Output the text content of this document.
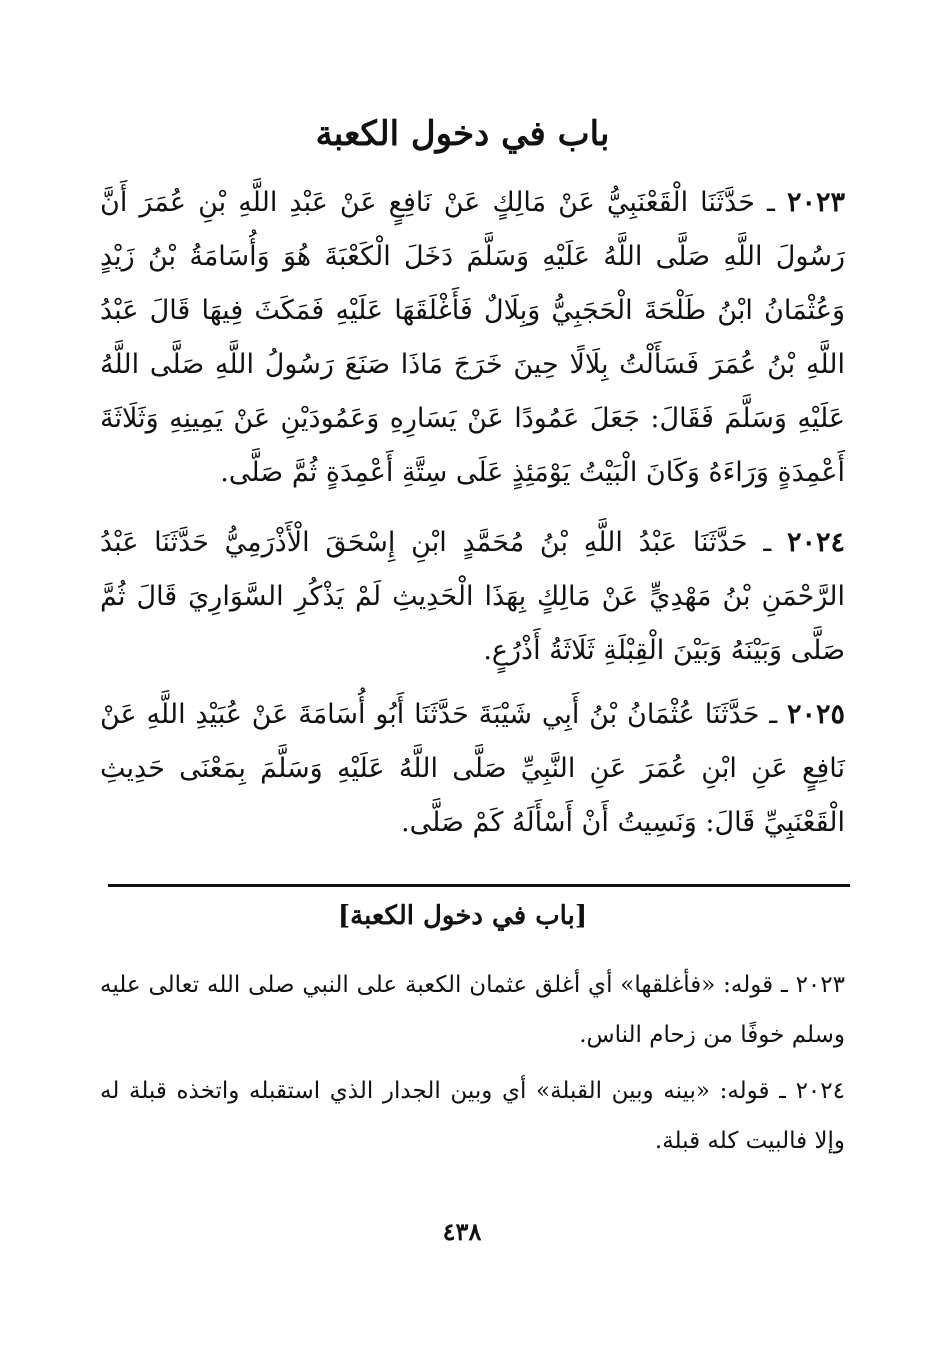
باب في دخول الكعبة

٢٠٢٣ ـ حَدَّثَنَا الْقَعْنَبِيُّ عَنْ مَالِكٍ عَنْ نَافِعٍ عَنْ عَبْدِ اللَّهِ بْنِ عُمَرَ أَنَّ رَسُولَ اللَّهِ صَلَّى اللَّهُ عَلَيْهِ وَسَلَّمَ دَخَلَ الْكَعْبَةَ هُوَ وَأُسَامَةُ بْنُ زَيْدٍ وَعُثْمَانُ ابْنُ طَلْحَةَ الْحَجَبِيُّ وَبِلَالٌ فَأَغْلَقَهَا عَلَيْهِ فَمَكَثَ فِيهَا قَالَ عَبْدُ اللَّهِ بْنُ عُمَرَ فَسَأَلْتُ بِلَالًا حِينَ خَرَجَ مَاذَا صَنَعَ رَسُولُ اللَّهِ صَلَّى اللَّهُ عَلَيْهِ وَسَلَّمَ فَقَالَ: جَعَلَ عَمُودًا عَنْ يَسَارِهِ وَعَمُودَيْنِ عَنْ يَمِينِهِ وَثَلَاثَةَ أَعْمِدَةٍ وَرَاءَهُ وَكَانَ الْبَيْتُ يَوْمَئِذٍ عَلَى سِتَّةِ أَعْمِدَةٍ ثُمَّ صَلَّى.

٢٠٢٤ ـ حَدَّثَنَا عَبْدُ اللَّهِ بْنُ مُحَمَّدٍ ابْنِ إِسْحَقَ الْأَذْرَمِيُّ حَدَّثَنَا عَبْدُ الرَّحْمَنِ بْنُ مَهْدِيٍّ عَنْ مَالِكٍ بِهَذَا الْحَدِيثِ لَمْ يَذْكُرِ السَّوَارِيَ قَالَ ثُمَّ صَلَّى وَبَيْنَهُ وَبَيْنَ الْقِبْلَةِ ثَلَاثَةُ أَذْرُعٍ.

٢٠٢٥ ـ حَدَّثَنَا عُثْمَانُ بْنُ أَبِي شَيْبَةَ حَدَّثَنَا أَبُو أُسَامَةَ عَنْ عُبَيْدِ اللَّهِ عَنْ نَافِعٍ عَنِ ابْنِ عُمَرَ عَنِ النَّبِيِّ صَلَّى اللَّهُ عَلَيْهِ وَسَلَّمَ بِمَعْنَى حَدِيثِ الْقَعْنَبِيِّ قَالَ: وَنَسِيتُ أَنْ أَسْأَلَهُ كَمْ صَلَّى.

[باب في دخول الكعبة]

٢٠٢٣ ـ قوله: «فأغلقها» أي أغلق عثمان الكعبة على النبي صلى الله تعالى عليه وسلم خوفًا من زحام الناس.

٢٠٢٤ ـ قوله: «بينه وبين القبلة» أي وبين الجدار الذي استقبله واتخذه قبلة له وإلا فالبيت كله قبلة.

٤٣٨
